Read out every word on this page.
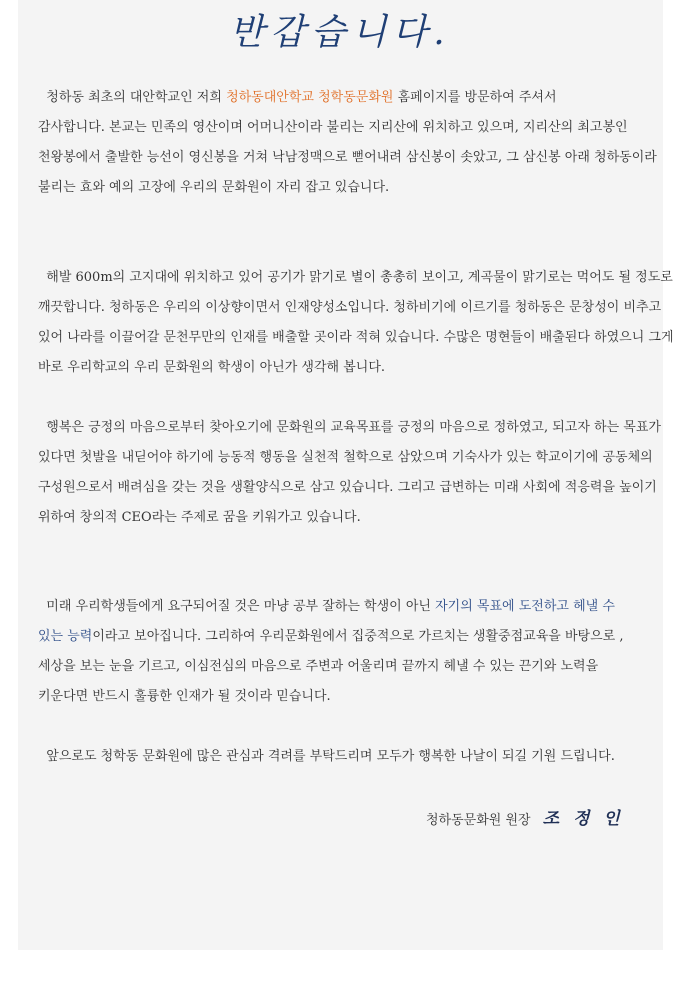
반갑습니다.

청하동 최초의 대안학교인 저희 청하동대안학교 청학동문화원 홈페이지를 방문하여 주셔서

감사합니다. 본교는 민족의 영산이며 어머니산이라 불리는 지리산에 위치하고 있으며, 지리산의 최고봉인

천왕봉에서 출발한 능선이 영신봉을 거쳐 낙남정맥으로 뻗어내려 삼신봉이 솟았고, 그 삼신봉 아래 청하동이라

불리는 효와 예의 고장에 우리의 문화원이 자리 잡고 있습니다.

해발 600m의 고지대에 위치하고 있어 공기가 맑기로 별이 총총히 보이고, 계곡물이 맑기로는 먹어도 될 정도로

깨끗합니다. 청하동은 우리의 이상향이면서 인재양성소입니다. 청하비기에 이르기를 청하동은 문창성이 비추고

있어 나라를 이끌어갈 문천무만의 인재를 배출할 곳이라 적혀 있습니다. 수많은 명현들이 배출된다 하였으니 그게

바로 우리학교의 우리 문화원의 학생이 아닌가 생각해 봅니다.

행복은 긍정의 마음으로부터 찾아오기에 문화원의 교육목표를 긍정의 마음으로 정하였고, 되고자 하는 목표가

있다면 첫발을 내딛어야 하기에 능동적 행동을 실천적 철학으로 삼았으며 기숙사가 있는 학교이기에 공동체의

구성원으로서 배려심을 갖는 것을 생활양식으로 삼고 있습니다. 그리고 급변하는 미래 사회에 적응력을 높이기

위하여 창의적 CEO라는 주제로 꿈을 키워가고 있습니다.

미래 우리학생들에게 요구되어질 것은 마냥 공부 잘하는 학생이 아닌 자기의 목표에 도전하고 헤낼 수

있는 능력이라고 보아집니다. 그리하여 우리문화원에서 집중적으로 가르치는 생활중점교육을 바탕으로 ,

세상을 보는 눈을 기르고, 이심전심의 마음으로 주변과 어울리며 끝까지 헤낼 수 있는 끈기와 노력을

키운다면 반드시 훌륭한 인재가 될 것이라 믿습니다.

앞으로도 청학동 문화원에 많은 관심과 격려를 부탁드리며 모두가 행복한 나날이 되길 기원 드립니다.

청하동문화원 원장 조 정 인
